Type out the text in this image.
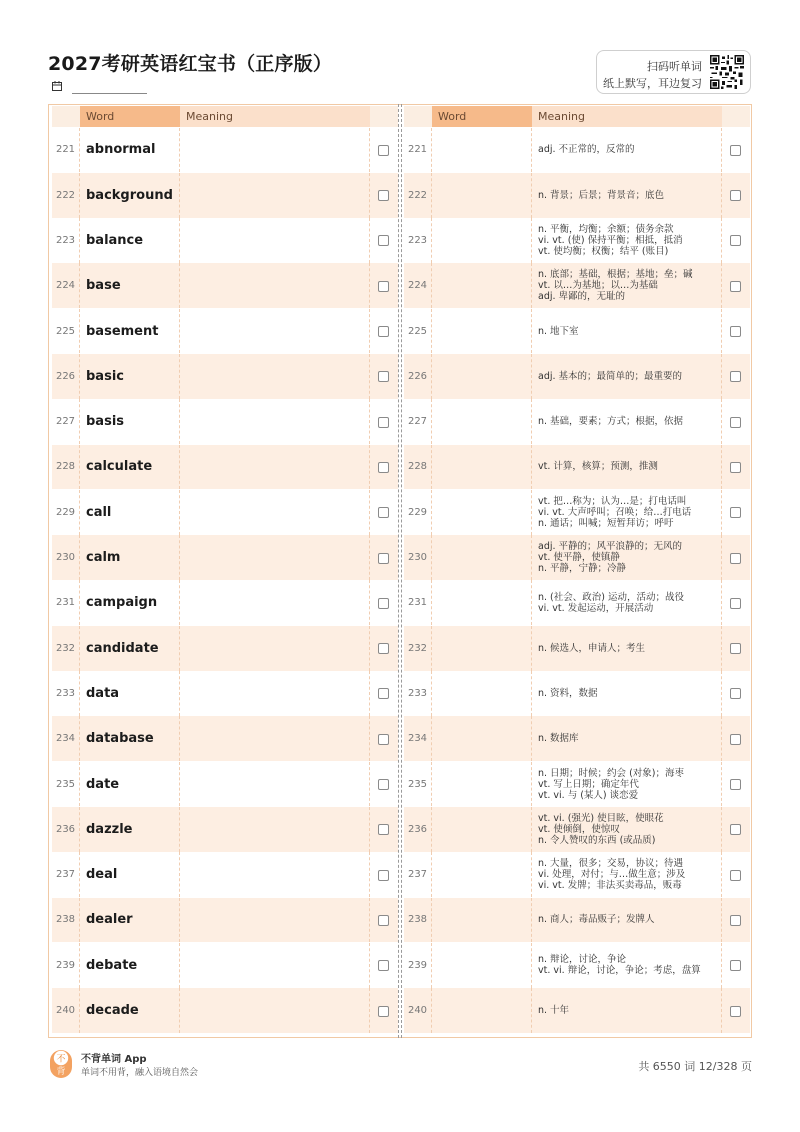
2027考研英语红宝书（正序版）	扫码听单词
纸上默写，耳边复习
Word	Meaning
221 abnormal
222 background
223 balance
224 base
225 basement
226 basic
227 basis
228 calculate
229 call
230 calm
231 campaign
232 candidate
233 data
234 database
235 date
236 dazzle
237 deal
238 dealer
239 debate
240 decade
Word	Meaning
221	adj. 不正常的，反常的
222	n. 背景；后景；背景音；底色
223
n. 平衡，均衡；余额；债务余款
vi. vt. (使) 保持平衡；相抵，抵消
vt. 使均衡；权衡；结平 (账目)
224
n. 底部；基础，根据；基地；垒；碱
vt. 以…为基地；以…为基础
adj. 卑鄙的，无耻的
225	n. 地下室
226	adj. 基本的；最简单的；最重要的
227	n. 基础，要素；方式；根据，依据
228	vt. 计算，核算；预测，推测
229
vt. 把…称为；认为…是；打电话叫
vi. vt. 大声呼叫；召唤；给…打电话
n. 通话；叫喊；短暂拜访；呼吁
230
adj. 平静的；风平浪静的；无风的
vt. 使平静，使镇静
n. 平静，宁静；冷静
231	n. (社会、政治) 运动，活动；战役
vi. vt. 发起运动，开展活动
232	n. 候选人，申请人；考生
233	n. 资料，数据
234	n. 数据库
235
n. 日期；时候；约会 (对象)；海枣
vt. 写上日期；确定年代
vt. vi. 与 (某人) 谈恋爱
236
vt. vi. (强光) 使目眩，使眼花
vt. 使倾倒，使惊叹
n. 令人赞叹的东西 (或品质)
237
n. 大量，很多；交易，协议；待遇
vi. 处理，对付；与…做生意；涉及
vi. vt. 发牌；非法买卖毒品，贩毒
238	n. 商人；毒品贩子；发牌人
239	n. 辩论，讨论，争论
vt. vi. 辩论，讨论，争论；考虑，盘算
240	n. 十年
不
背
不背单词 App
单词不用背，融入语境自然会	共 6550 词 12/328 页
